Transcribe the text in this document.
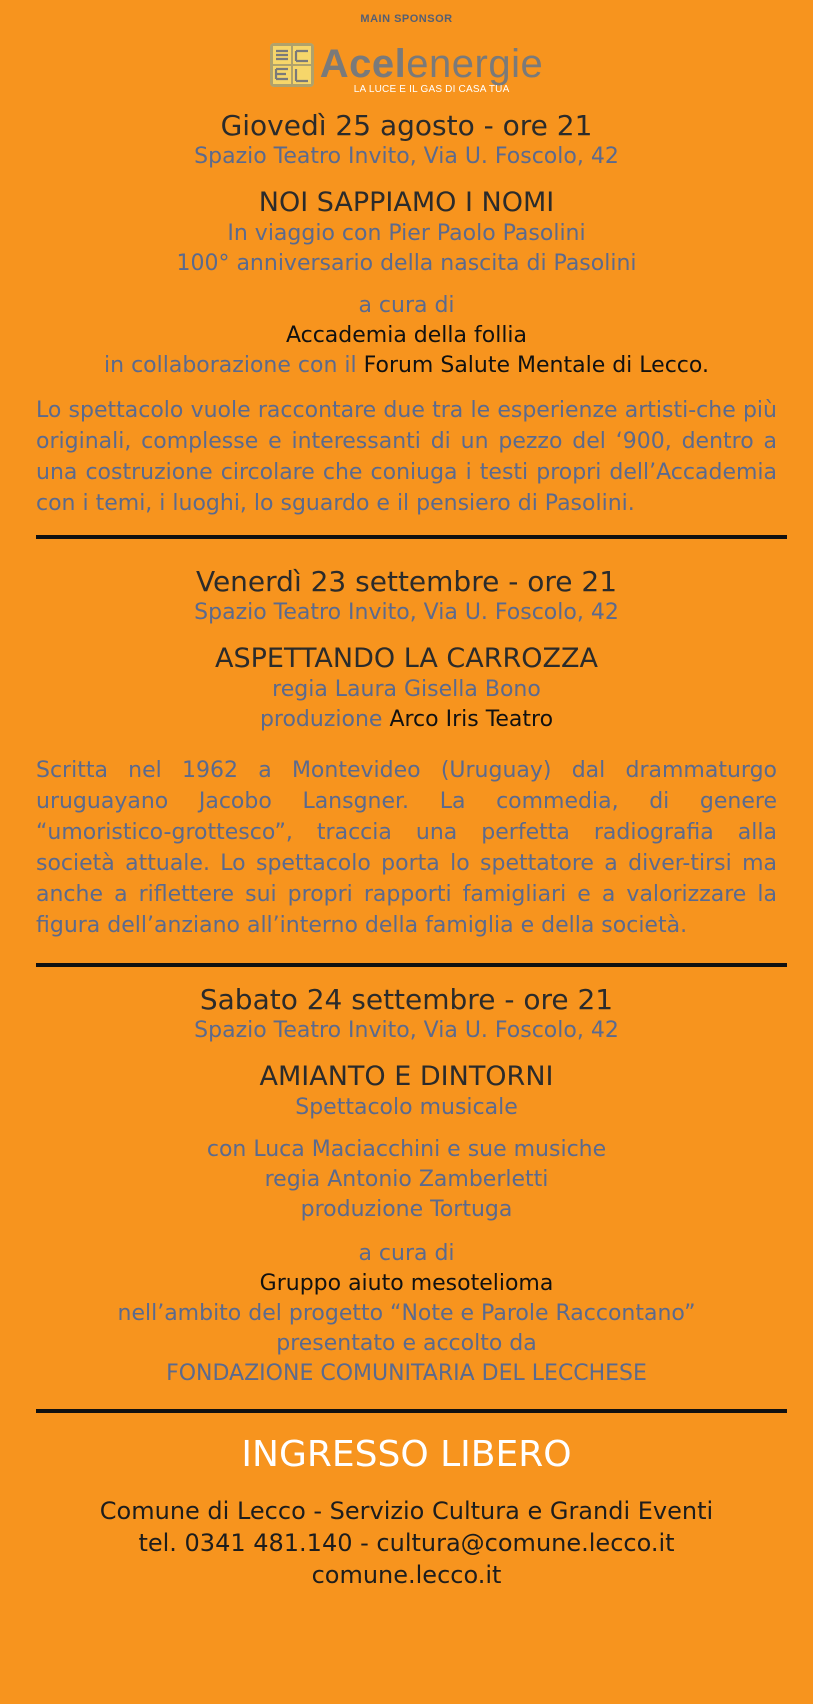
MAIN SPONSOR
Acelenergie
LA LUCE E IL GAS DI CASA TUA
Giovedì 25 agosto - ore 21
Spazio Teatro Invito, Via U. Foscolo, 42
NOI SAPPIAMO I NOMI
In viaggio con Pier Paolo Pasolini
100° anniversario della nascita di Pasolini
a cura di
Accademia della follia
in collaborazione con il Forum Salute Mentale di Lecco.
Lo spettacolo vuole raccontare due tra le esperienze artisti-che più originali, complesse e interessanti di un pezzo del ‘900, dentro a una costruzione circolare che coniuga i testi propri dell’Accademia con i temi, i luoghi, lo sguardo e il pensiero di Pasolini.
Venerdì 23 settembre - ore 21
Spazio Teatro Invito, Via U. Foscolo, 42
ASPETTANDO LA CARROZZA
regia Laura Gisella Bono
produzione Arco Iris Teatro
Scritta nel 1962 a Montevideo (Uruguay) dal drammaturgo uruguayano Jacobo Lansgner. La commedia, di genere “umoristico-grottesco”, traccia una perfetta radiografia alla società attuale. Lo spettacolo porta lo spettatore a diver-tirsi ma anche a riflettere sui propri rapporti famigliari e a valorizzare la figura dell’anziano all’interno della famiglia e della società.
Sabato 24 settembre - ore 21
Spazio Teatro Invito, Via U. Foscolo, 42
AMIANTO E DINTORNI
Spettacolo musicale
con Luca Maciacchini e sue musiche
regia Antonio Zamberletti
produzione Tortuga
a cura di
Gruppo aiuto mesotelioma
nell’ambito del progetto “Note e Parole Raccontano”
presentato e accolto da
FONDAZIONE COMUNITARIA DEL LECCHESE
INGRESSO LIBERO
Comune di Lecco - Servizio Cultura e Grandi Eventi
tel. 0341 481.140 - cultura@comune.lecco.it
comune.lecco.it
